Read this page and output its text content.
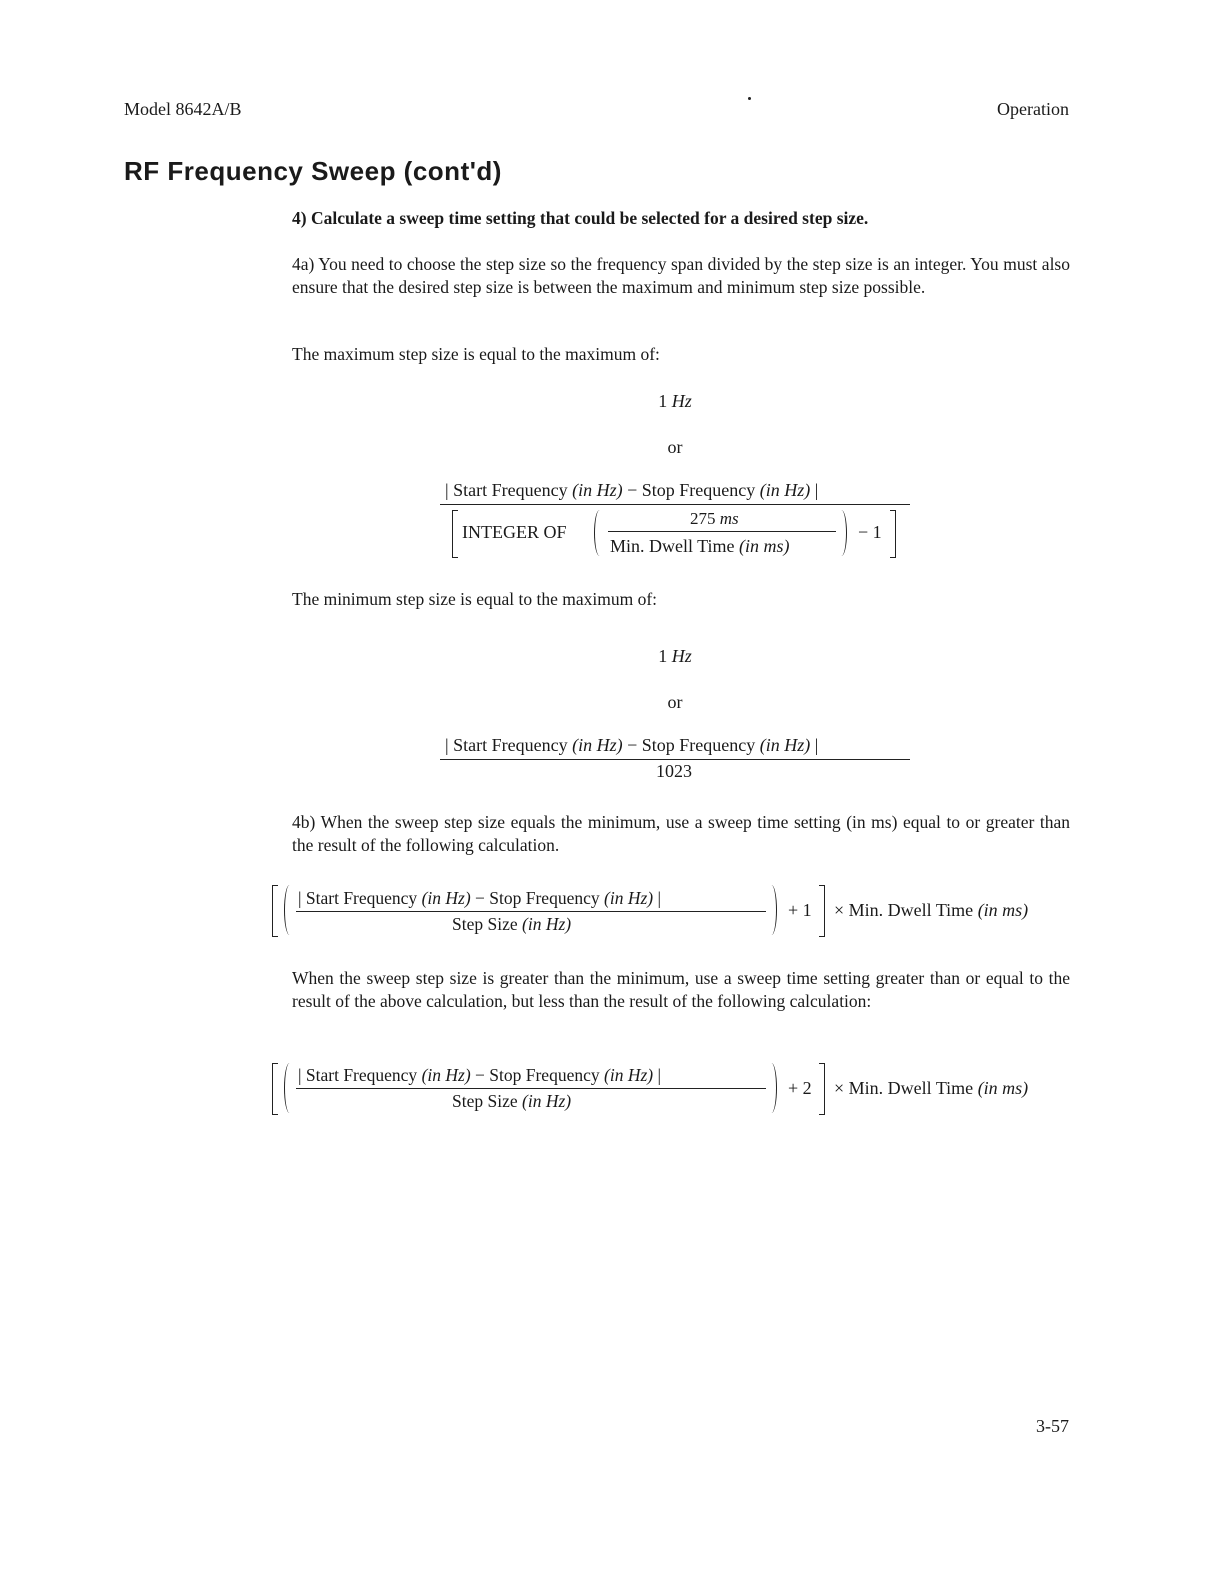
Model 8642A/B	Operation
RF Frequency Sweep (cont'd)
4) Calculate a sweep time setting that could be selected for a desired step size.
4a) You need to choose the step size so the frequency span divided by the step size is an integer. You must also ensure that the desired step size is between the maximum and minimum step size possible.
The maximum step size is equal to the maximum of:
1 Hz
or
| Start Frequency (in Hz) − Stop Frequency (in Hz) |
INTEGER OF
275 ms
Min. Dwell Time (in ms)
− 1
The minimum step size is equal to the maximum of:
1 Hz
or
| Start Frequency (in Hz) − Stop Frequency (in Hz) |
1023
4b) When the sweep step size equals the minimum, use a sweep time setting (in ms) equal to or greater than the result of the following calculation.
| Start Frequency (in Hz) − Stop Frequency (in Hz) |
Step Size (in Hz)
+ 1 × Min. Dwell Time (in ms)
When the sweep step size is greater than the minimum, use a sweep time setting greater than or equal to the result of the above calculation, but less than the result of the following calculation:
| Start Frequency (in Hz) − Stop Frequency (in Hz) |
Step Size (in Hz)
+ 2 × Min. Dwell Time (in ms)
3-57
